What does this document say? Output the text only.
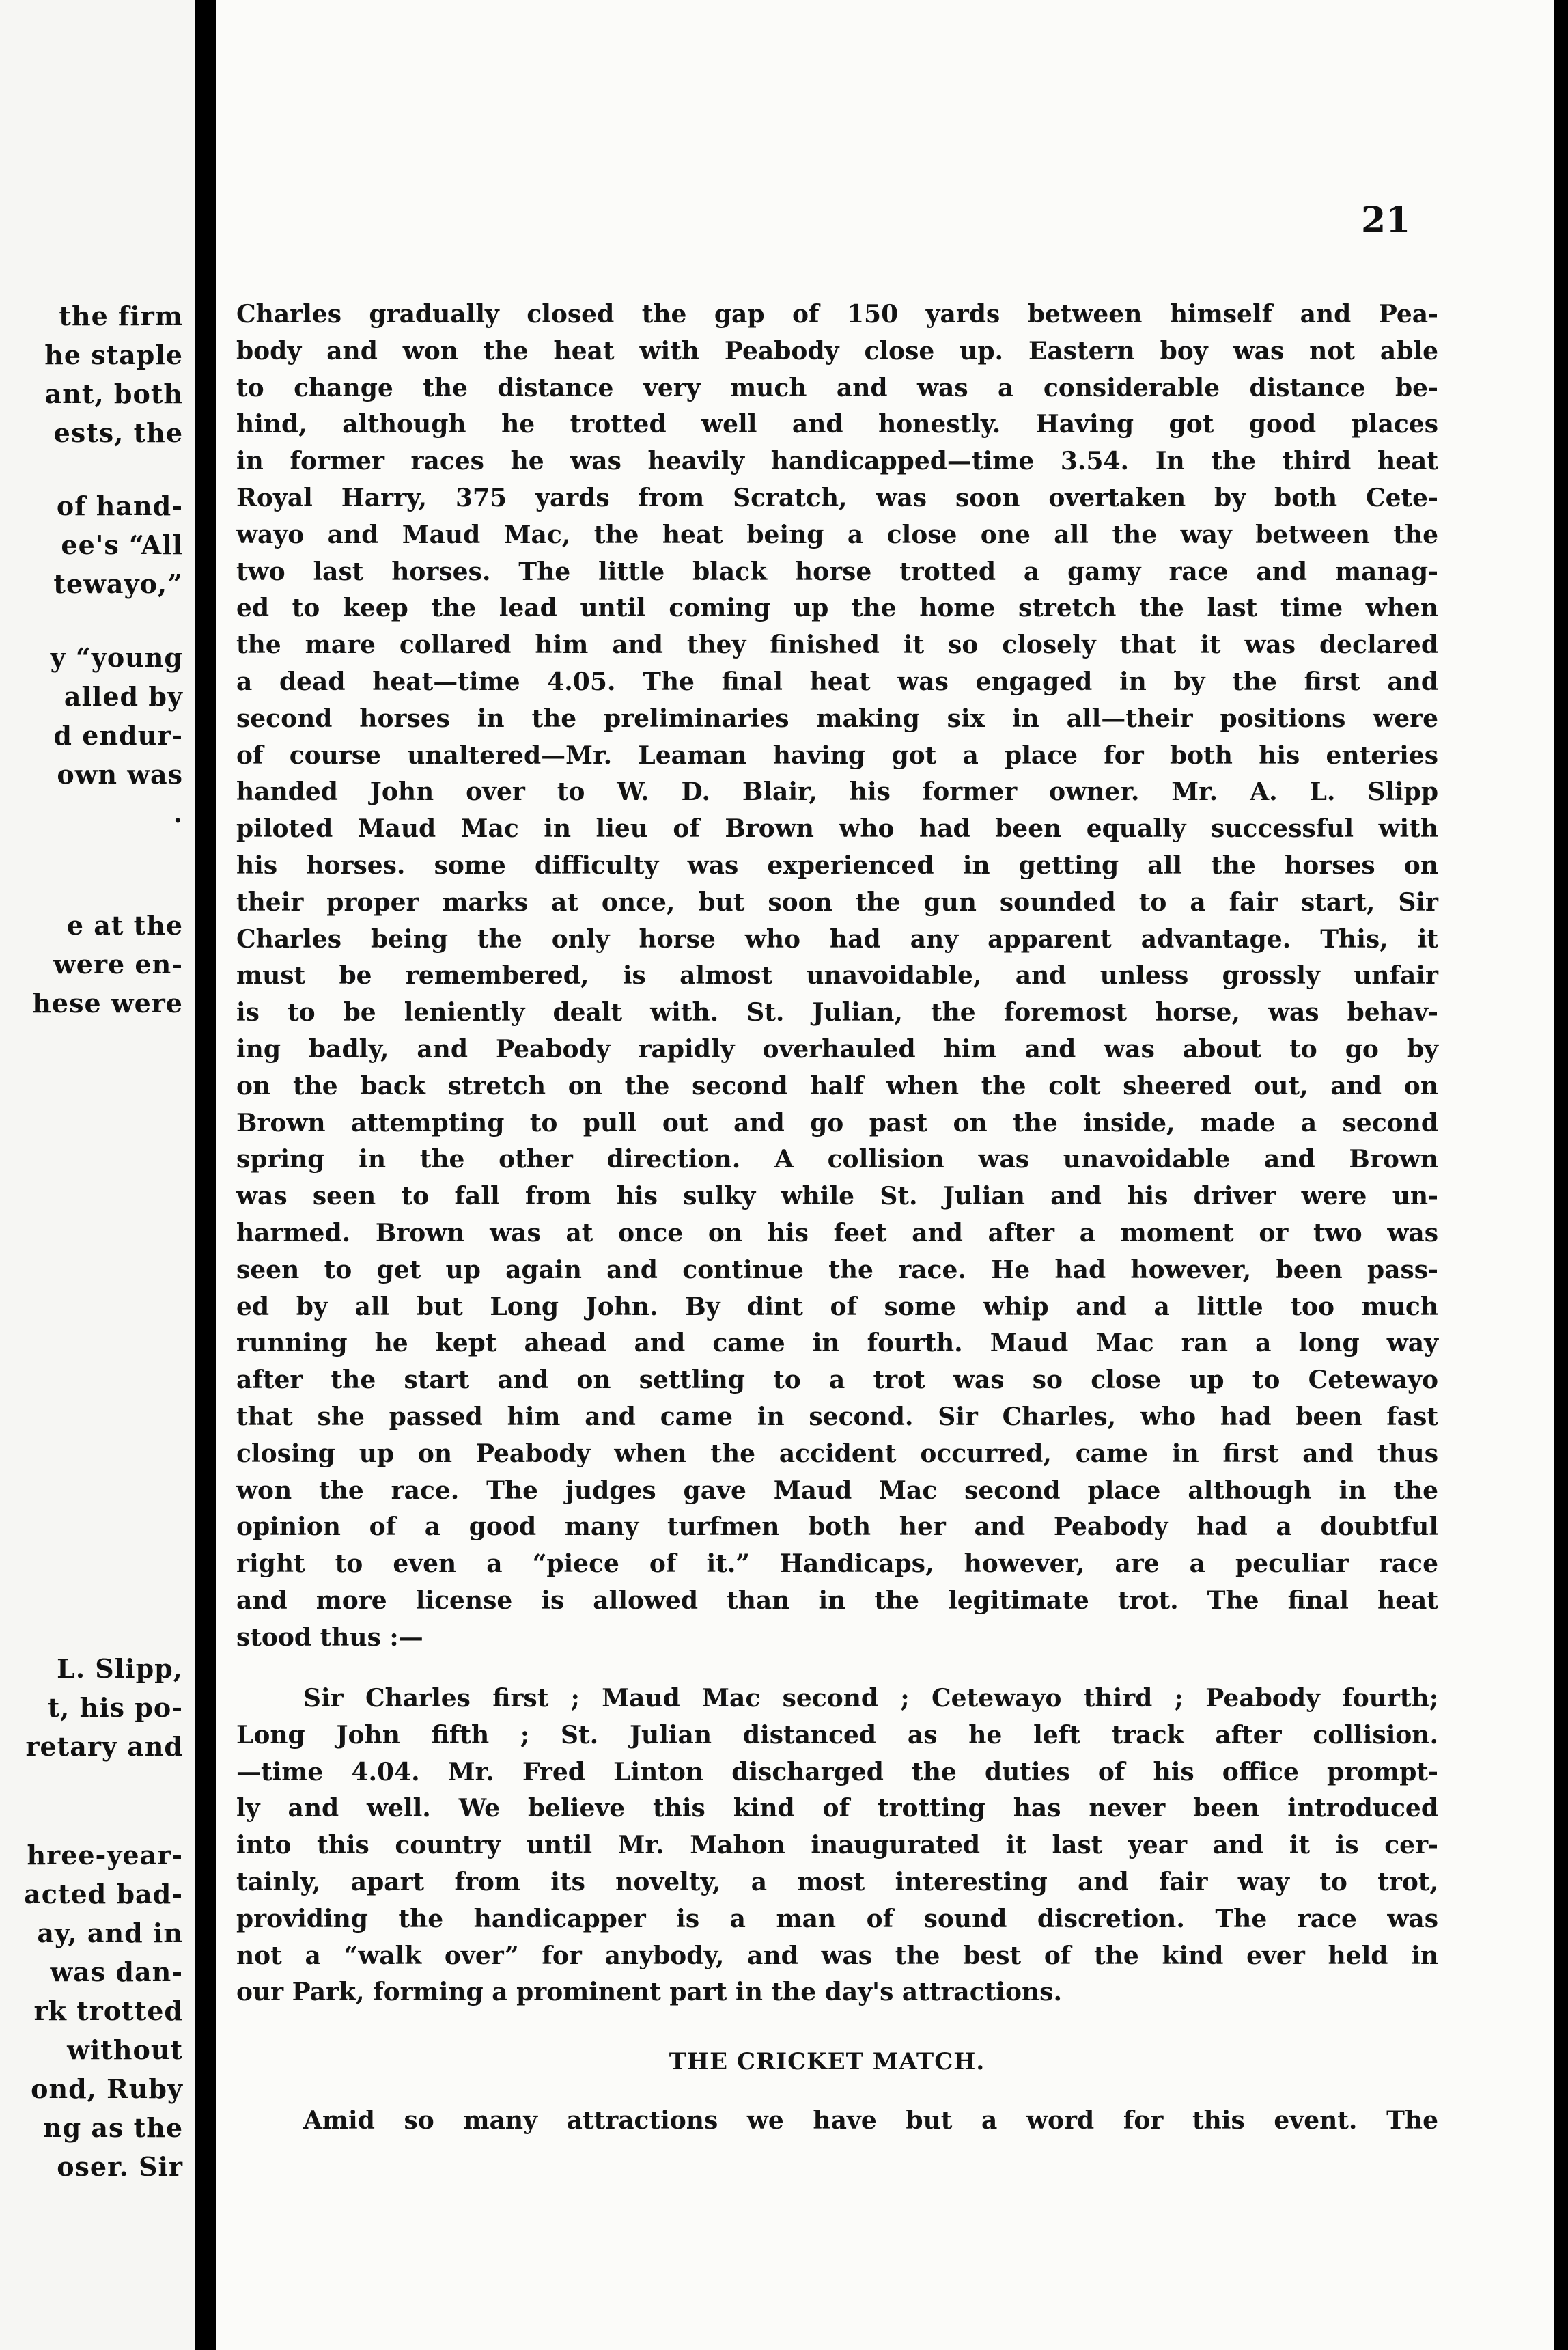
the firm
he staple
ant, both
ests, the
of hand-
ee's “All
tewayo,”
y “young
alled by
d endur-
own was
.
e at the
were en-
hese were
L. Slipp,
t, his po-
retary and
hree-year-
acted bad-
ay, and in
was dan-
rk trotted
without
ond, Ruby
ng as the
oser. Sir
21
THE CRICKET MATCH.
Charles gradually closed the gap of 150 yards between himself and Pea-
body and won the heat with Peabody close up. Eastern boy was not able
to change the distance very much and was a considerable distance be-
hind, although he trotted well and honestly. Having got good places
in former races he was heavily handicapped—time 3.54. In the third heat
Royal Harry, 375 yards from Scratch, was soon overtaken by both Cete-
wayo and Maud Mac, the heat being a close one all the way between the
two last horses. The little black horse trotted a gamy race and manag-
ed to keep the lead until coming up the home stretch the last time when
the mare collared him and they finished it so closely that it was declared
a dead heat—time 4.05. The final heat was engaged in by the first and
second horses in the preliminaries making six in all—their positions were
of course unaltered—Mr. Leaman having got a place for both his enteries
handed John over to W. D. Blair, his former owner. Mr. A. L. Slipp
piloted Maud Mac in lieu of Brown who had been equally successful with
his horses. some difficulty was experienced in getting all the horses on
their proper marks at once, but soon the gun sounded to a fair start, Sir
Charles being the only horse who had any apparent advantage. This, it
must be remembered, is almost unavoidable, and unless grossly unfair
is to be leniently dealt with. St. Julian, the foremost horse, was behav-
ing badly, and Peabody rapidly overhauled him and was about to go by
on the back stretch on the second half when the colt sheered out, and on
Brown attempting to pull out and go past on the inside, made a second
spring in the other direction. A collision was unavoidable and Brown
was seen to fall from his sulky while St. Julian and his driver were un-
harmed. Brown was at once on his feet and after a moment or two was
seen to get up again and continue the race. He had however, been pass-
ed by all but Long John. By dint of some whip and a little too much
running he kept ahead and came in fourth. Maud Mac ran a long way
after the start and on settling to a trot was so close up to Cetewayo
that she passed him and came in second. Sir Charles, who had been fast
closing up on Peabody when the accident occurred, came in first and thus
won the race. The judges gave Maud Mac second place although in the
opinion of a good many turfmen both her and Peabody had a doubtful
right to even a “piece of it.” Handicaps, however, are a peculiar race
and more license is allowed than in the legitimate trot. The final heat
stood thus :—
Sir Charles first ; Maud Mac second ; Cetewayo third ; Peabody fourth;
Long John fifth ; St. Julian distanced as he left track after collision.
—time 4.04. Mr. Fred Linton discharged the duties of his office prompt-
ly and well. We believe this kind of trotting has never been introduced
into this country until Mr. Mahon inaugurated it last year and it is cer-
tainly, apart from its novelty, a most interesting and fair way to trot,
providing the handicapper is a man of sound discretion. The race was
not a “walk over” for anybody, and was the best of the kind ever held in
our Park, forming a prominent part in the day's attractions.
Amid so many attractions we have but a word for this event. The
